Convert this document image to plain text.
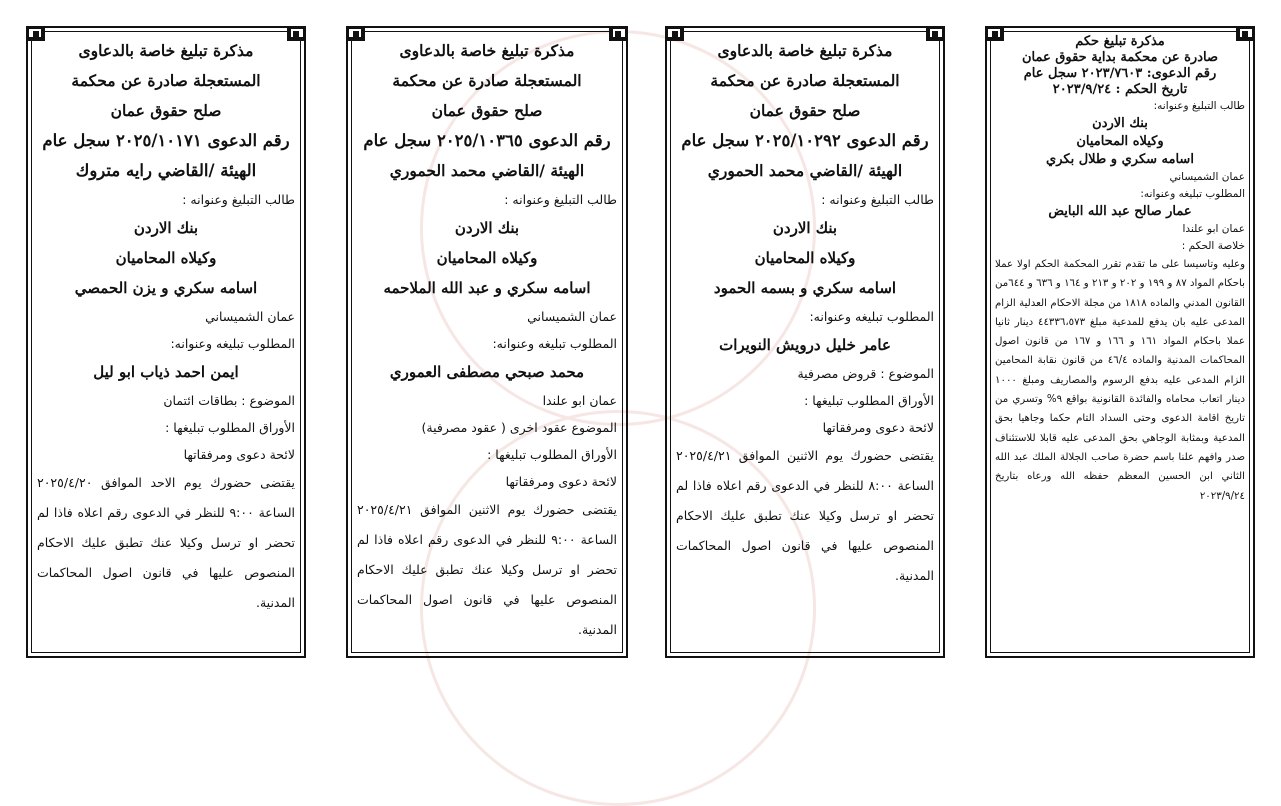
مذكرة تبليغ خاصة بالدعاوى

المستعجلة صادرة عن محكمة

صلح حقوق عمان

رقم الدعوى ٢٠٢٥/١٠١٧١ سجل عام

الهيئة /القاضي رايه متروك

طالب التبليغ وعنوانه :

بنك الاردن

وكيلاه المحاميان

اسامه سكري و يزن الحمصي

عمان الشميساني

المطلوب تبليغه وعنوانه:

ايمن احمد ذياب ابو ليل

الموضوع : بطاقات ائتمان

الأوراق المطلوب تبليغها :

لائحة دعوى ومرفقاتها

يقتضى حضورك يوم الاحد الموافق ٢٠٢٥/٤/٢٠ الساعة ٩:٠٠ للنظر في الدعوى رقم اعلاه فاذا لم تحضر او ترسل وكيلا عنك تطبق عليك الاحكام المنصوص عليها في قانون اصول المحاكمات المدنية.

مذكرة تبليغ خاصة بالدعاوى

المستعجلة صادرة عن محكمة

صلح حقوق عمان

رقم الدعوى ٢٠٢٥/١٠٣٦٥ سجل عام

الهيئة /القاضي محمد الحموري

طالب التبليغ وعنوانه :

بنك الاردن

وكيلاه المحاميان

اسامه سكري و عبد الله الملاحمه

عمان الشميساني

المطلوب تبليغه وعنوانه:

محمد صبحي مصطفى العموري

عمان ابو علندا

الموضوع عقود اخرى ( عقود مصرفية)

الأوراق المطلوب تبليغها :

لائحة دعوى ومرفقاتها

يقتضى حضورك يوم الاثنين الموافق ٢٠٢٥/٤/٢١ الساعة ٩:٠٠ للنظر في الدعوى رقم اعلاه فاذا لم تحضر او ترسل وكيلا عنك تطبق عليك الاحكام المنصوص عليها في قانون اصول المحاكمات المدنية.

مذكرة تبليغ خاصة بالدعاوى

المستعجلة صادرة عن محكمة

صلح حقوق عمان

رقم الدعوى ٢٠٢٥/١٠٢٩٢ سجل عام

الهيئة /القاضي محمد الحموري

طالب التبليغ وعنوانه :

بنك الاردن

وكيلاه المحاميان

اسامه سكري و بسمه الحمود

المطلوب تبليغه وعنوانه:

عامر خليل درويش النويرات

الموضوع : قروض مصرفية

الأوراق المطلوب تبليغها :

لائحة دعوى ومرفقاتها

يقتضى حضورك يوم الاثنين الموافق ٢٠٢٥/٤/٢١ الساعة ٨:٠٠ للنظر في الدعوى رقم اعلاه فاذا لم تحضر او ترسل وكيلا عنك تطبق عليك الاحكام المنصوص عليها في قانون اصول المحاكمات المدنية.

مذكرة تبليغ حكم

صادرة عن محكمة بداية حقوق عمان

رقم الدعوى: ٢٠٢٣/٧٦٠٣ سجل عام

تاريخ الحكم : ٢٠٢٣/٩/٢٤

طالب التبليغ وعنوانه:

بنك الاردن

وكيلاه المحاميان

اسامه سكري و طلال بكري

عمان الشميساني

المطلوب تبليغه وعنوانه:

عمار صالح عبد الله البايض

عمان ابو علندا

خلاصة الحكم :

وعليه وتاسيسا على ما تقدم تقرر المحكمة الحكم اولا عملا باحكام المواد ٨٧ و ١٩٩ و ٢٠٢ و ٢١٣ و ١٦٤ و ٦٣٦ و ٦٤٤من القانون المدني والماده ١٨١٨ من مجلة الاحكام العدلية الزام المدعى عليه بان يدفع للمدعية مبلغ ٤٤٣٣٦،٥٧٣ دينار ثانيا عملا باحكام المواد ١٦١ و ١٦٦ و ١٦٧ من قانون اصول المحاكمات المدنية والماده ٤٦/٤ من قانون نقابة المحامين الزام المدعى عليه بدفع الرسوم والمصاريف ومبلغ ١٠٠٠ دينار اتعاب محاماه والفائدة القانونية بواقع ٩% وتسري من تاريخ اقامة الدعوى وحتى السداد التام حكما وجاهيا بحق المدعية وبمثابة الوجاهي بحق المدعى عليه قابلا للاستئناف صدر وافهم علنا باسم حضرة صاحب الجلالة الملك عبد الله الثاني ابن الحسين المعظم حفظه الله ورعاه بتاريخ ٢٠٢٣/٩/٢٤
